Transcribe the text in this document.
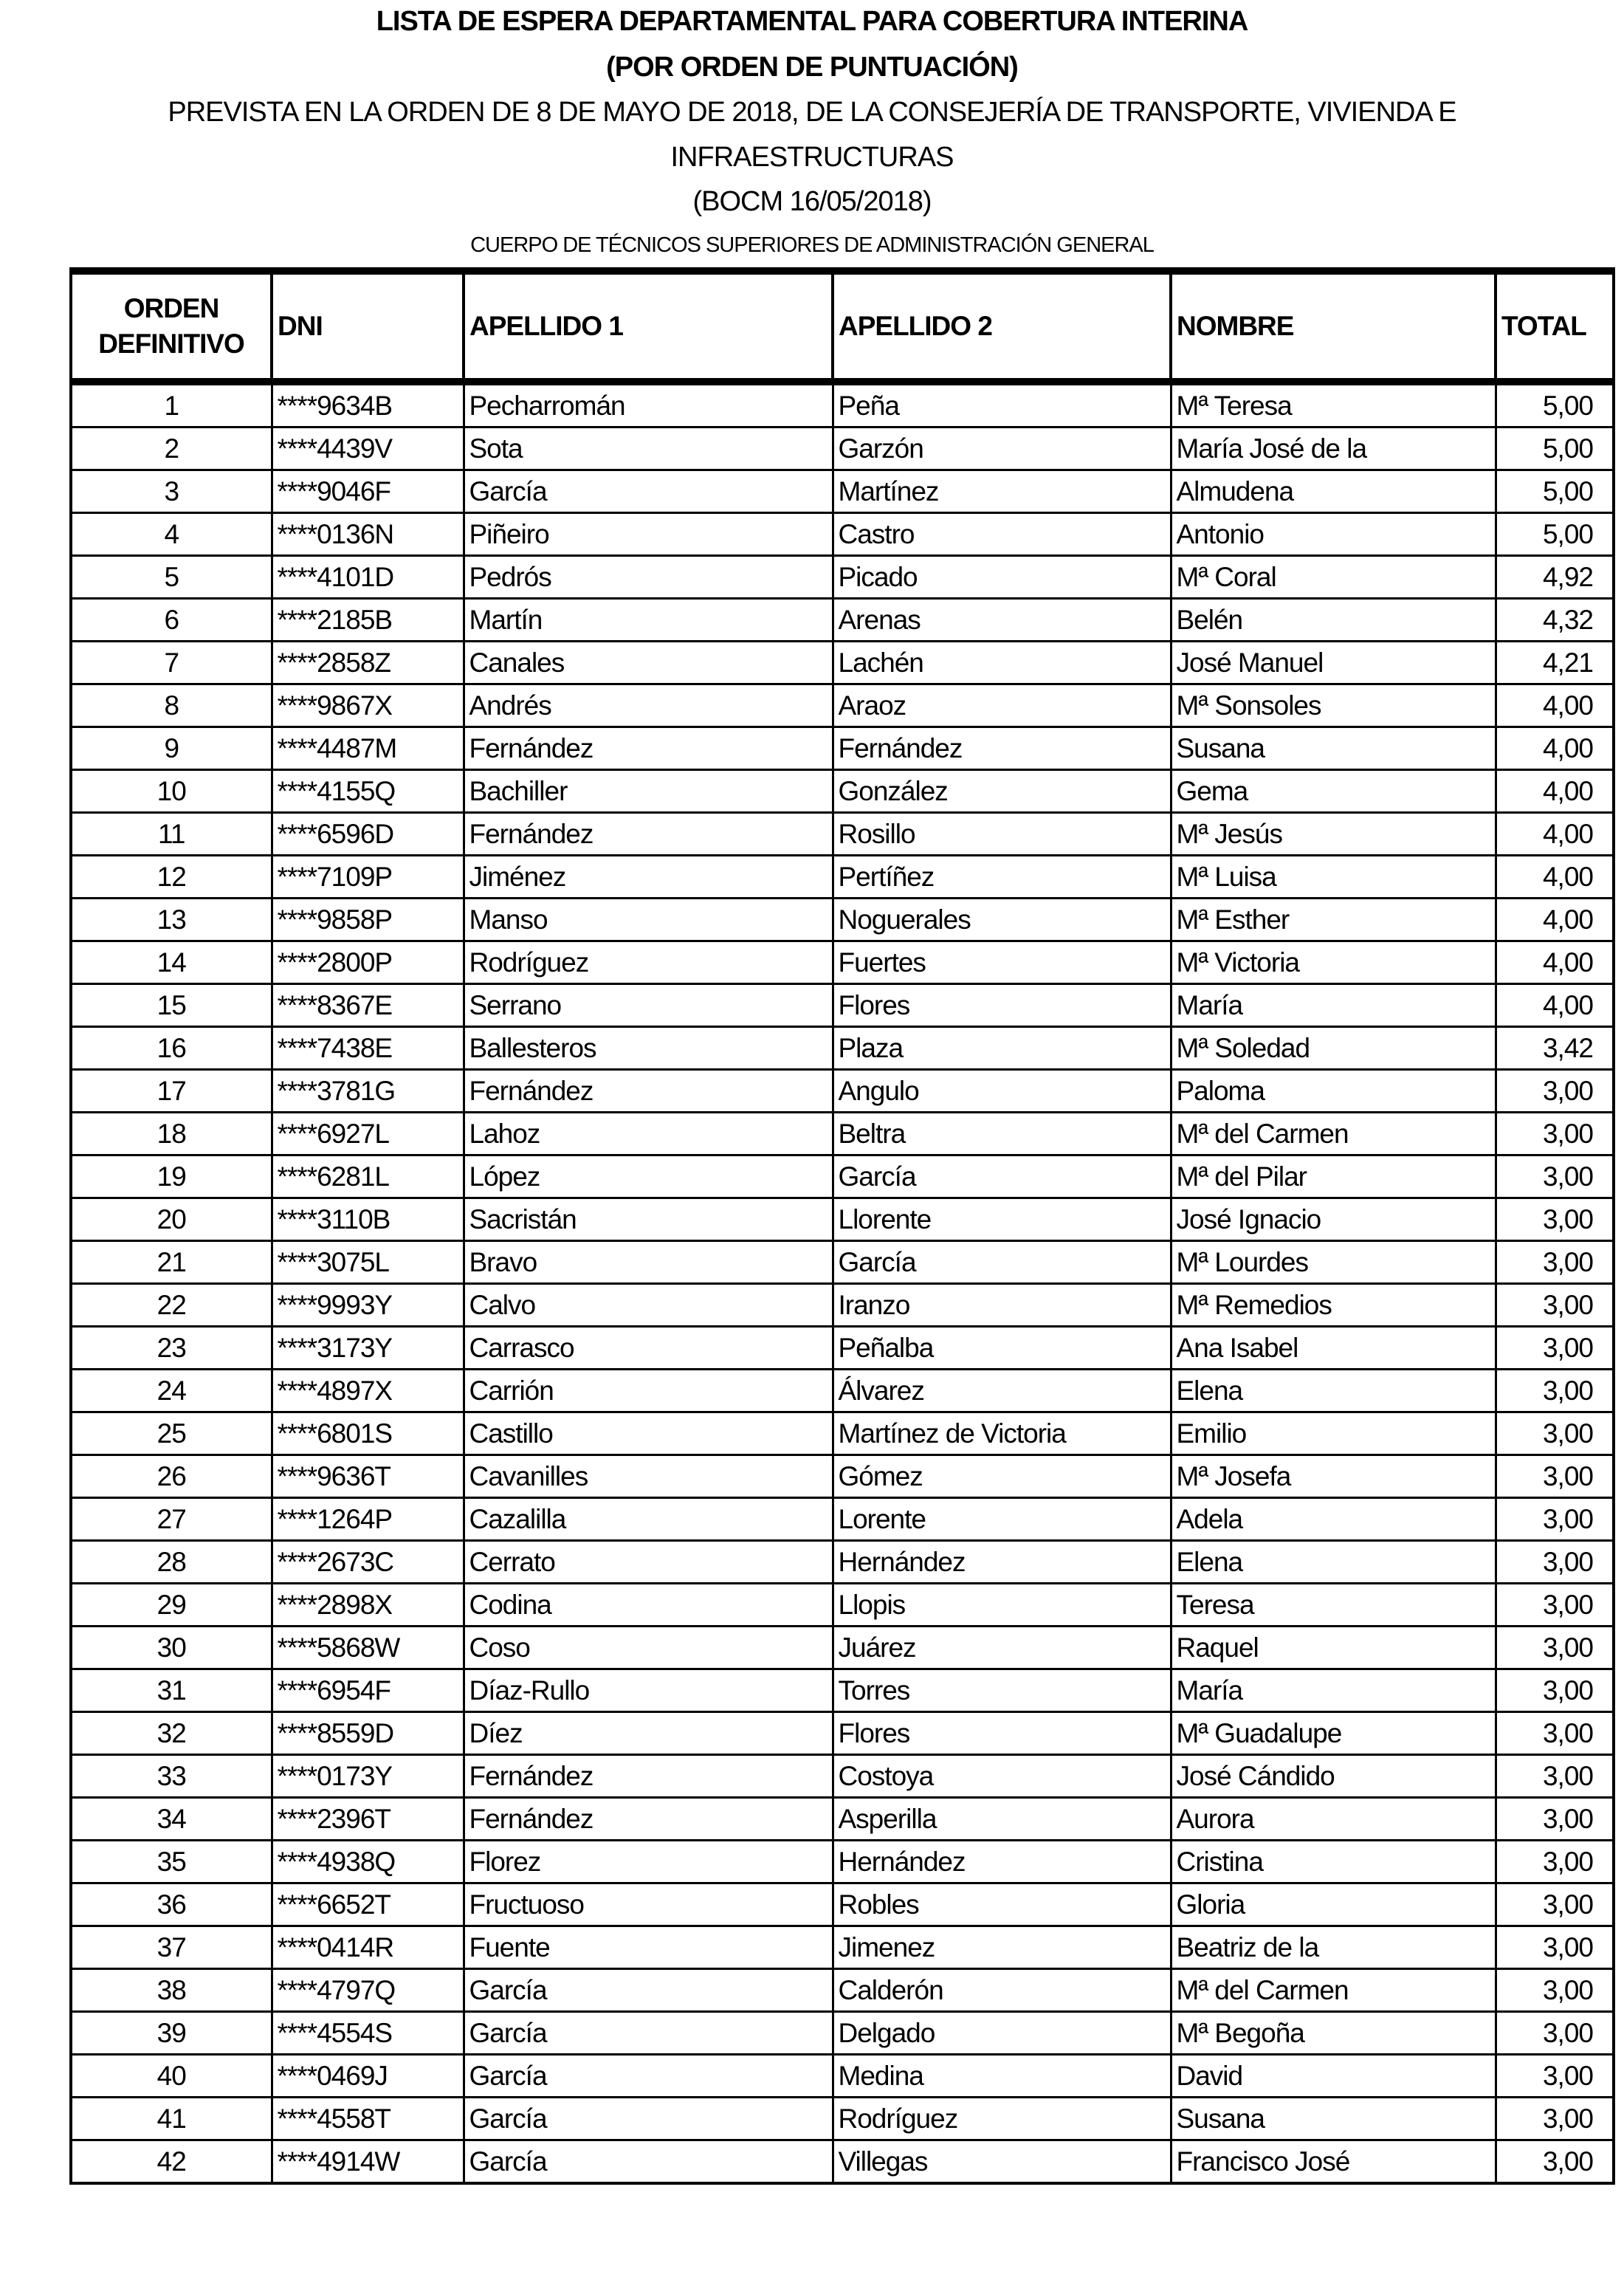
LISTA DE ESPERA DEPARTAMENTAL PARA COBERTURA INTERINA
(POR ORDEN DE PUNTUACIÓN)
PREVISTA EN LA ORDEN DE 8 DE MAYO DE 2018, DE LA CONSEJERÍA DE TRANSPORTE, VIVIENDA E
INFRAESTRUCTURAS
(BOCM 16/05/2018)
CUERPO DE TÉCNICOS SUPERIORES DE ADMINISTRACIÓN GENERAL
ORDEN
DEFINITIVO	DNI	APELLIDO 1	APELLIDO 2	NOMBRE	TOTAL
1	****9634B	Pecharromán	Peña	Mª Teresa	5,00
2	****4439V	Sota	Garzón	María José de la	5,00
3	****9046F	García	Martínez	Almudena	5,00
4	****0136N	Piñeiro	Castro	Antonio	5,00
5	****4101D	Pedrós	Picado	Mª Coral	4,92
6	****2185B	Martín	Arenas	Belén	4,32
7	****2858Z	Canales	Lachén	José Manuel	4,21
8	****9867X	Andrés	Araoz	Mª Sonsoles	4,00
9	****4487M	Fernández	Fernández	Susana	4,00
10	****4155Q	Bachiller	González	Gema	4,00
11	****6596D	Fernández	Rosillo	Mª Jesús	4,00
12	****7109P	Jiménez	Pertíñez	Mª Luisa	4,00
13	****9858P	Manso	Noguerales	Mª Esther	4,00
14	****2800P	Rodríguez	Fuertes	Mª Victoria	4,00
15	****8367E	Serrano	Flores	María	4,00
16	****7438E	Ballesteros	Plaza	Mª Soledad	3,42
17	****3781G	Fernández	Angulo	Paloma	3,00
18	****6927L	Lahoz	Beltra	Mª del Carmen	3,00
19	****6281L	López	García	Mª del Pilar	3,00
20	****3110B	Sacristán	Llorente	José Ignacio	3,00
21	****3075L	Bravo	García	Mª Lourdes	3,00
22	****9993Y	Calvo	Iranzo	Mª Remedios	3,00
23	****3173Y	Carrasco	Peñalba	Ana Isabel	3,00
24	****4897X	Carrión	Álvarez	Elena	3,00
25	****6801S	Castillo	Martínez de Victoria	Emilio	3,00
26	****9636T	Cavanilles	Gómez	Mª Josefa	3,00
27	****1264P	Cazalilla	Lorente	Adela	3,00
28	****2673C	Cerrato	Hernández	Elena	3,00
29	****2898X	Codina	Llopis	Teresa	3,00
30	****5868W	Coso	Juárez	Raquel	3,00
31	****6954F	Díaz-Rullo	Torres	María	3,00
32	****8559D	Díez	Flores	Mª Guadalupe	3,00
33	****0173Y	Fernández	Costoya	José Cándido	3,00
34	****2396T	Fernández	Asperilla	Aurora	3,00
35	****4938Q	Florez	Hernández	Cristina	3,00
36	****6652T	Fructuoso	Robles	Gloria	3,00
37	****0414R	Fuente	Jimenez	Beatriz de la	3,00
38	****4797Q	García	Calderón	Mª del Carmen	3,00
39	****4554S	García	Delgado	Mª Begoña	3,00
40	****0469J	García	Medina	David	3,00
41	****4558T	García	Rodríguez	Susana	3,00
42	****4914W	García	Villegas	Francisco José	3,00
